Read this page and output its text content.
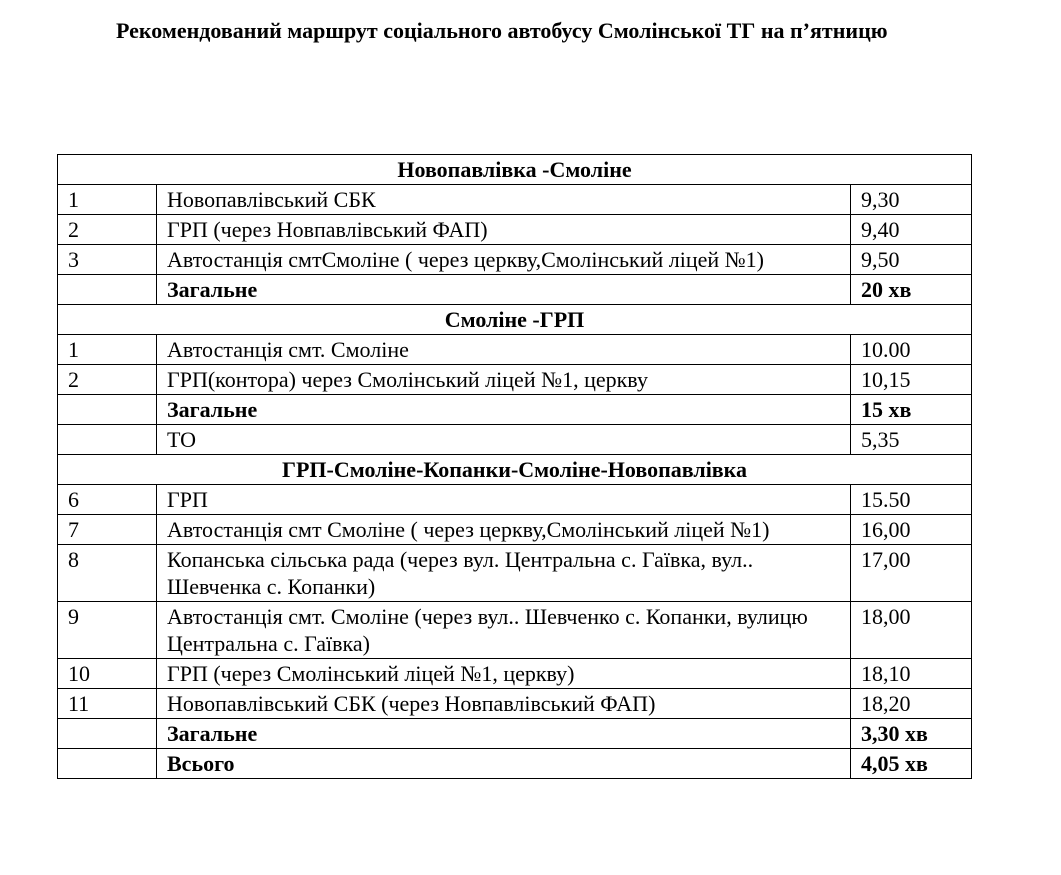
Рекомендований маршрут соціального автобусу Смолінської ТГ на п’ятницю
Новопавлівка -Смоліне		
1	Новопавлівський СБК	9,30
2	ГРП (через Новпавлівський ФАП)	9,40
3	Автостанція смтСмоліне ( через церкву,Смолінський ліцей №1)	9,50
	Загальне	20 хв
Смоліне -ГРП		
1	Автостанція смт. Смоліне	10.00
2	ГРП(контора) через Смолінський ліцей №1, церкву	10,15
	Загальне	15 хв
	ТО	5,35
ГРП-Смоліне-Копанки-Смоліне-Новопавлівка		
6	ГРП	15.50
7	Автостанція смт Смоліне ( через церкву,Смолінський ліцей №1)	16,00
8	Копанська сільська рада (через вул. Центральна с. Гаївка, вул.. Шевченка с. Копанки)	17,00
9	Автостанція смт. Смоліне (через вул.. Шевченко с. Копанки, вулицю Центральна с. Гаївка)	18,00
10	ГРП (через Смолінський ліцей №1, церкву)	18,10
11	Новопавлівський СБК (через Новпавлівський ФАП)	18,20
	Загальне	3,30 хв
	Всього	4,05 хв
